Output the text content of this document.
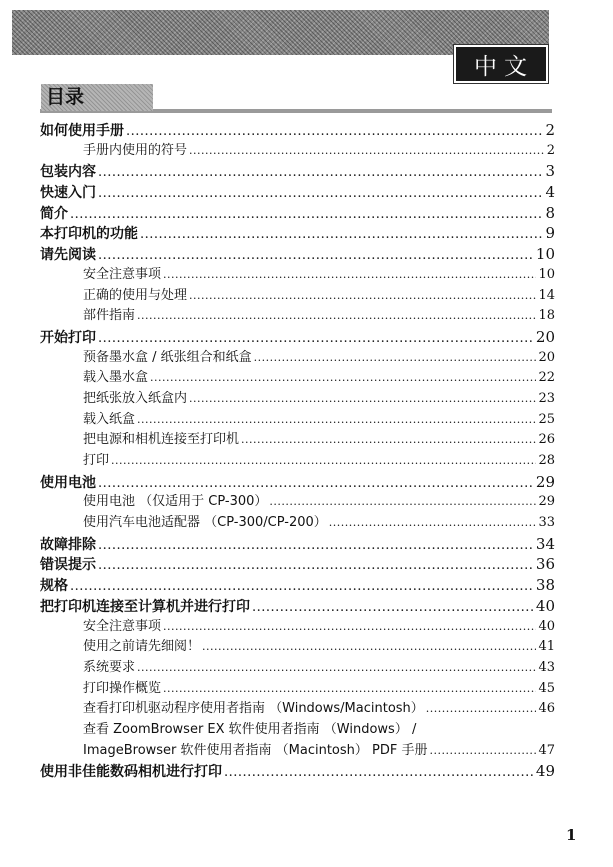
中文
目录
如何使用手册 .....	2
手册内使用的符号 .....	2
包装内容 .....	3
快速入门 .....	4
简介 .....	8
本打印机的功能 .....	9
请先阅读 .....	10
安全注意事项 .....	10
正确的使用与处理 .....	14
部件指南 .....	18
开始打印 .....	20
预备墨水盒 / 纸张组合和纸盒 .....	20
载入墨水盒 .....	22
把纸张放入纸盒内 .....	23
载入纸盒 .....	25
把电源和相机连接至打印机 .....	26
打印 .....	28
使用电池 .....	29
使用电池 （仅适用于 CP-300） .....	29
使用汽车电池适配器 （CP-300/CP-200） .....	33
故障排除 .....	34
错误提示 .....	36
规格 .....	38
把打印机连接至计算机并进行打印 .....	40
安全注意事项 .....	40
使用之前请先细阅！ .....	41
系统要求 .....	43
打印操作概览 .....	45
查看打印机驱动程序使用者指南 （Windows/Macintosh） .....	46
查看 ZoomBrowser EX 软件使用者指南 （Windows） /
ImageBrowser 软件使用者指南 （Macintosh） PDF 手册 .....	47
使用非佳能数码相机进行打印 .....	49
1
